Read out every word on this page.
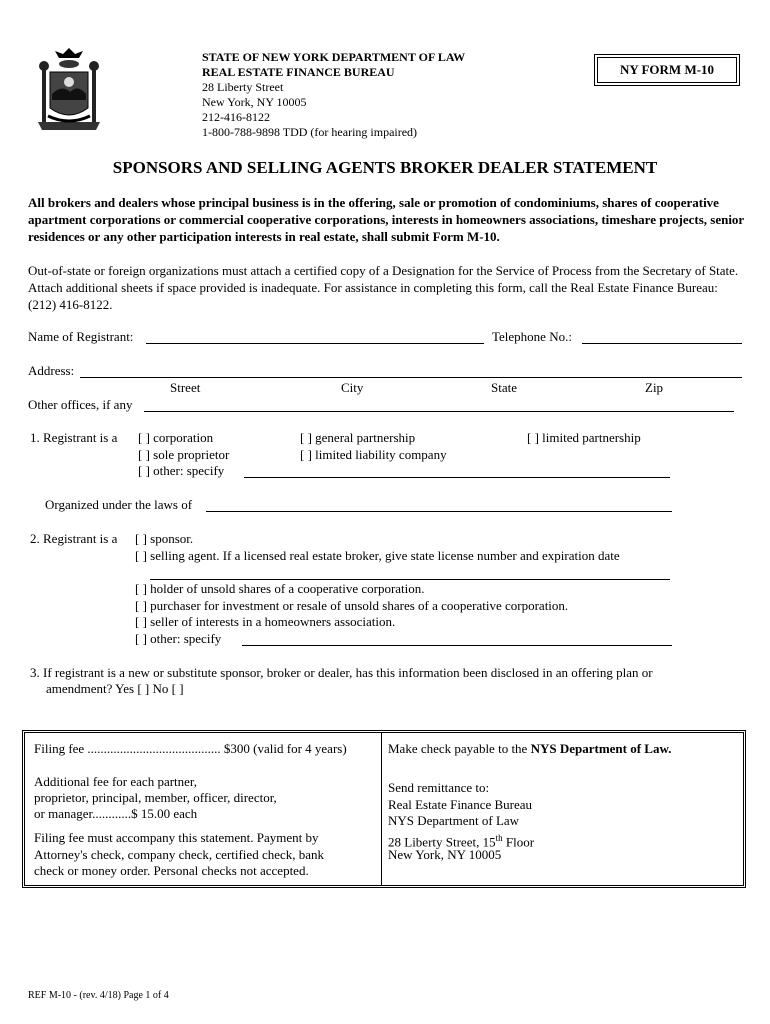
STATE OF NEW YORK DEPARTMENT OF LAW
REAL ESTATE FINANCE BUREAU
28 Liberty Street
New York, NY 10005
212-416-8122
1-800-788-9898 TDD (for hearing impaired)
NY FORM M-10
SPONSORS AND SELLING AGENTS BROKER DEALER STATEMENT
All brokers and dealers whose principal business is in the offering, sale or promotion of condominiums, shares of cooperative apartment corporations or commercial cooperative corporations, interests in homeowners associations, timeshare projects, senior residences or any other participation interests in real estate, shall submit Form M-10.
Out-of-state or foreign organizations must attach a certified copy of a Designation for the Service of Process from the Secretary of State. Attach additional sheets if space provided is inadequate. For assistance in completing this form, call the Real Estate Finance Bureau: (212) 416-8122.
Name of Registrant:	Telephone No.:
Address:
Street	City	State	Zip
Other offices, if any
1. Registrant is a [ ] corporation	[ ] general partnership	[ ] limited partnership
[ ] sole proprietor	[ ] limited liability company
[ ] other: specify
Organized under the laws of
2. Registrant is a [ ] sponsor.
[ ] selling agent. If a licensed real estate broker, give state license number and expiration date
[ ] holder of unsold shares of a cooperative corporation.
[ ] purchaser for investment or resale of unsold shares of a cooperative corporation.
[ ] seller of interests in a homeowners association.
[ ] other: specify
3. If registrant is a new or substitute sponsor, broker or dealer, has this information been disclosed in an offering plan or
amendment? Yes [ ] No [ ]
Filing fee ......................................... $300 (valid for 4 years)
Additional fee for each partner,
proprietor, principal, member, officer, director,
or manager............$ 15.00 each
Filing fee must accompany this statement. Payment by
Attorney's check, company check, certified check, bank
check or money order. Personal checks not accepted.
Make check payable to the NYS Department of Law.
Send remittance to:
Real Estate Finance Bureau
NYS Department of Law
28 Liberty Street, 15th Floor
New York, NY 10005
REF M-10 - (rev. 4/18) Page 1 of 4
